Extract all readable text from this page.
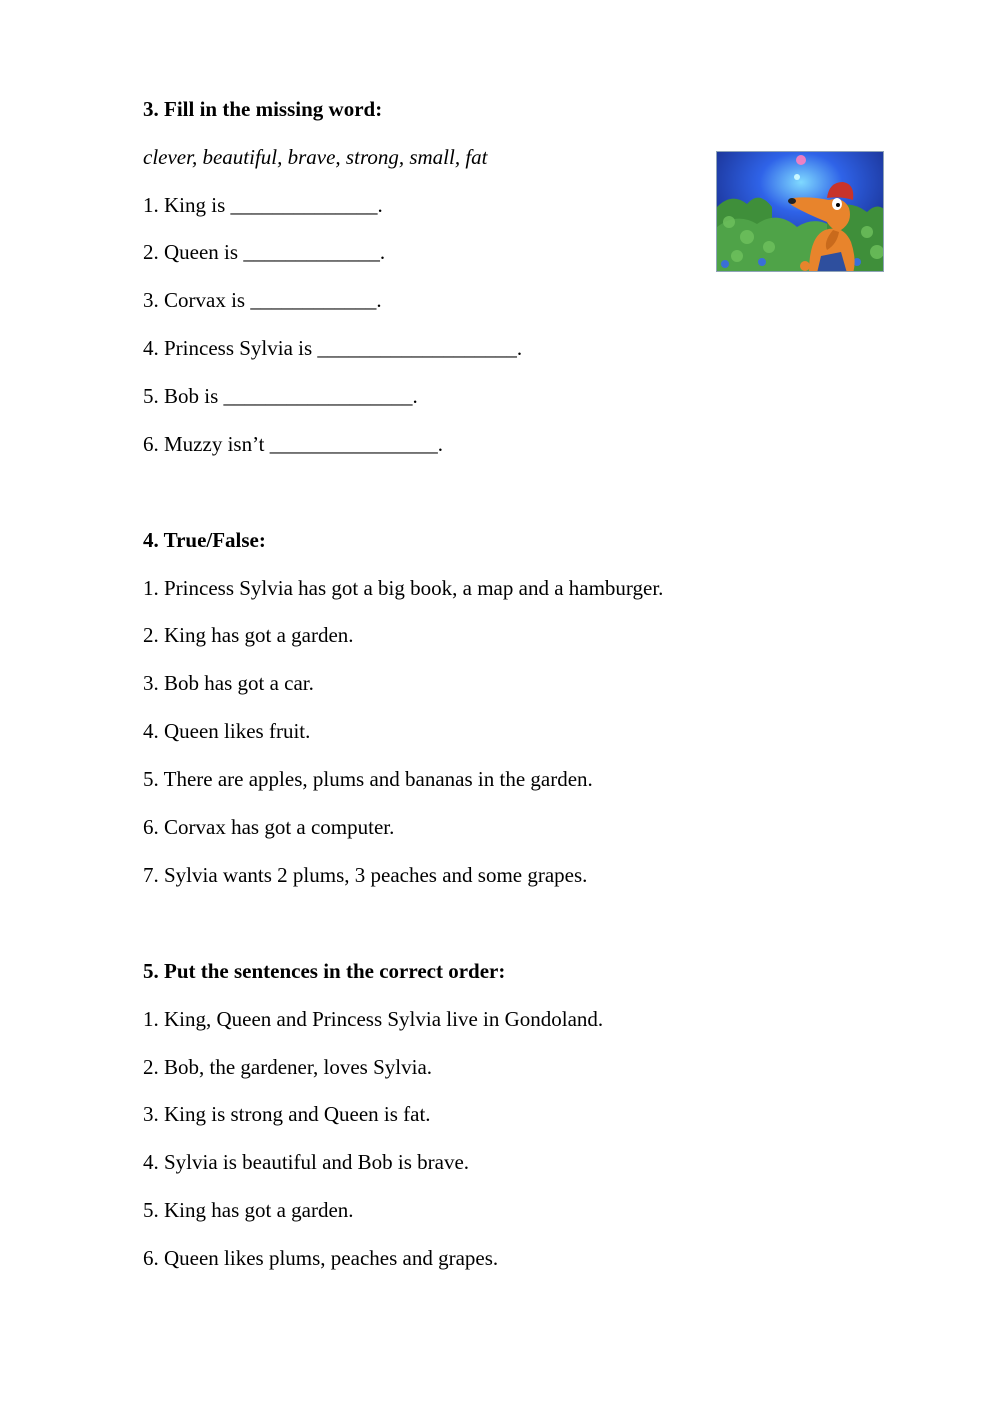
3. Fill in the missing word:

clever, beautiful, brave, strong, small, fat

1. King is ______________.

2. Queen is _____________.

3. Corvax is ____________.

4. Princess Sylvia is ___________________.

5. Bob is __________________.

6. Muzzy isn’t ________________.

4. True/False:

1. Princess Sylvia has got a big book, a map and a hamburger.

2. King has got a garden.

3. Bob has got a car.

4. Queen likes fruit.

5. There are apples, plums and bananas in the garden.

6. Corvax has got a computer.

7. Sylvia wants 2 plums, 3 peaches and some grapes.

5. Put the sentences in the correct order:

1. King, Queen and Princess Sylvia live in Gondoland.

2. Bob, the gardener, loves Sylvia.

3. King is strong and Queen is fat.

4. Sylvia is beautiful and Bob is brave.

5. King has got a garden.

6. Queen likes plums, peaches and grapes.
